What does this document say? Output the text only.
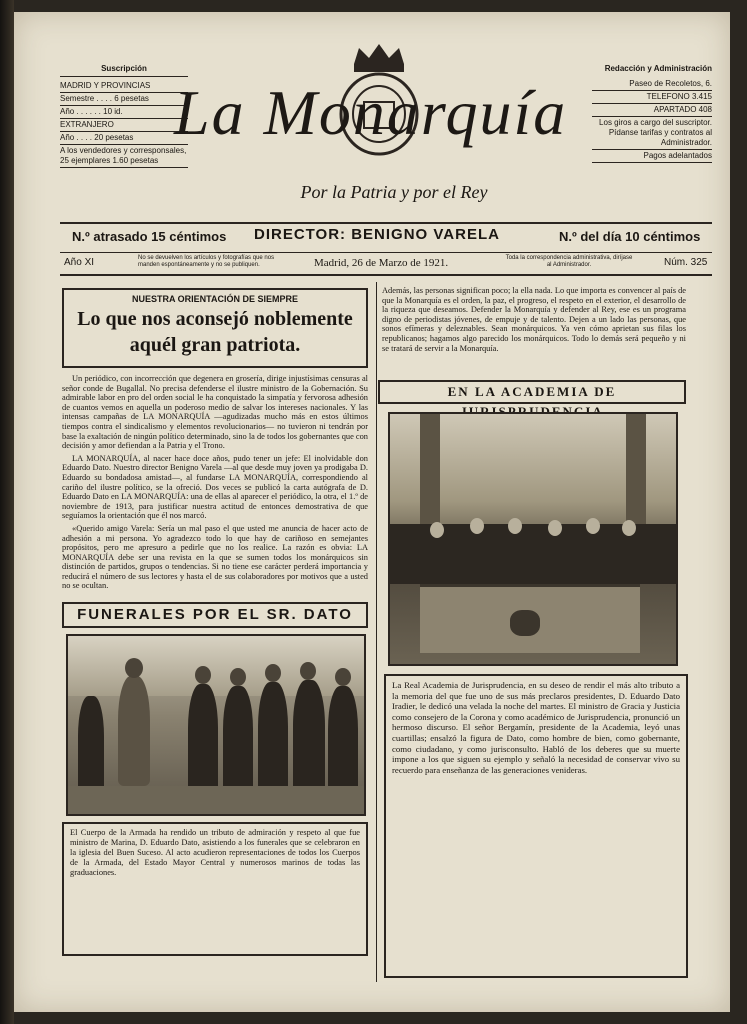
Suscripción
MADRID Y PROVINCIAS
Semestre . . . . 6 pesetas
Año . . . . . . 10 id.
EXTRANJERO
Año . . . . 20 pesetas
A los vendedores y corresponsales, 25 ejemplares 1.60 pesetas
Redacción y Administración
Paseo de Recoletos, 6.
TELEFONO 3.415
APARTADO 408
Los giros a cargo del suscriptor. Pídanse tarifas y contratos al Administrador.
Pagos adelantados
La Monarquía
Por la Patria y por el Rey
N.º atrasado 15 céntimos DIRECTOR: BENIGNO VARELA	N.º del día 10 céntimos
Año XI	No se devuelven los artículos y fotografías que nos manden espontáneamente y no se publiquen.	Madrid, 26 de Marzo de 1921.	Toda la correspondencia administrativa, diríjase al Administrador.	Núm. 325
NUESTRA ORIENTACIÓN DE SIEMPRE
Lo que nos aconsejó noblemente aquél gran patriota.

Un periódico, con incorrección que degenera en grosería, dirige injustísimas censuras al señor conde de Bugallal. No precisa defenderse el ilustre ministro de la Gobernación. Su admirable labor en pro del orden social le ha conquistado la simpatía y fervorosa adhesión de cuantos vemos en aquella un poderoso medio de salvar los intereses nacionales. Y las intensas campañas de LA MONARQUÍA —agudizadas mucho más en estos últimos tiempos contra el sindicalismo y elementos revolucionarios— no tuvieron ni tendrán por base la exaltación de ningún político determinado, sino la de todos los gobernantes que con decisión y amor defiendan a la Patria y el Trono.

LA MONARQUÍA, al nacer hace doce años, pudo tener un jefe: El inolvidable don Eduardo Dato. Nuestro director Benigno Varela —al que desde muy joven ya prodigaba D. Eduardo su bondadosa amistad—, al fundarse LA MONARQUÍA, correspondiendo al cariño del ilustre político, se la ofreció. Dos veces se publicó la carta autógrafa de D. Eduardo Dato en LA MONARQUÍA: una de ellas al aparecer el periódico, la otra, el 1.º de noviembre de 1913, para justificar nuestra actitud de entonces demostrativa de que seguíamos la orientación que él nos marcó.

«Querido amigo Varela: Sería un mal paso el que usted me anuncia de hacer acto de adhesión a mi persona. Yo agradezco todo lo que hay de cariñoso en semejantes propósitos, pero me apresuro a pedirle que no los realice. La razón es obvia: LA MONARQUÍA debe ser una revista en la que se sumen todos los monárquicos sin distinción de partidos, grupos o tendencias. Si no tiene ese carácter perderá importancia y reducirá el número de sus lectores y hasta el de sus colaboradores por motivos que a usted no se ocultan.

FUNERALES POR EL SR. DATO
El Cuerpo de la Armada ha rendido un tributo de admiración y respeto al que fue ministro de Marina, D. Eduardo Dato, asistiendo a los funerales que se celebraron en la iglesia del Buen Suceso. Al acto acudieron representaciones de todos los Cuerpos de la Armada, del Estado Mayor Central y numerosos marinos de todas las graduaciones.
Además, las personas significan poco; la ella nada. Lo que importa es convencer al país de que la Monarquía es el orden, la paz, el progreso, el respeto en el exterior, el desarrollo de la riqueza que deseamos. Defender la Monarquía y defender al Rey, ese es un programa digno de periodistas jóvenes, de empuje y de talento. Dejen a un lado las personas, que sonos efímeras y deleznables. Sean monárquicos. Ya ven cómo aprietan sus filas los republicanos; hagamos algo parecido los monárquicos. Todo lo demás será pequeño y ni se tratará de servir a la Monarquía.
EN LA ACADEMIA DE
La Real Academia de Jurisprudencia, en su deseo de rendir el más alto tributo a la memoria del que fue uno de sus más preclaros presidentes, D. Eduardo Dato Iradier, le dedicó una velada la noche del martes. El ministro de Gracia y Justicia como consejero de la Corona y como académico de Jurisprudencia, pronunció un hermoso discurso. El señor Bergamín, presidente de la Academia, leyó unas cuartillas; ensalzó la figura de Dato, como hombre de bien, como gobernante, como ciudadano, y como jurisconsulto. Habló de los deberes que su muerte impone a los que siguen su ejemplo y señaló la necesidad de conservar vivo su recuerdo para enseñanza de las generaciones venideras.
